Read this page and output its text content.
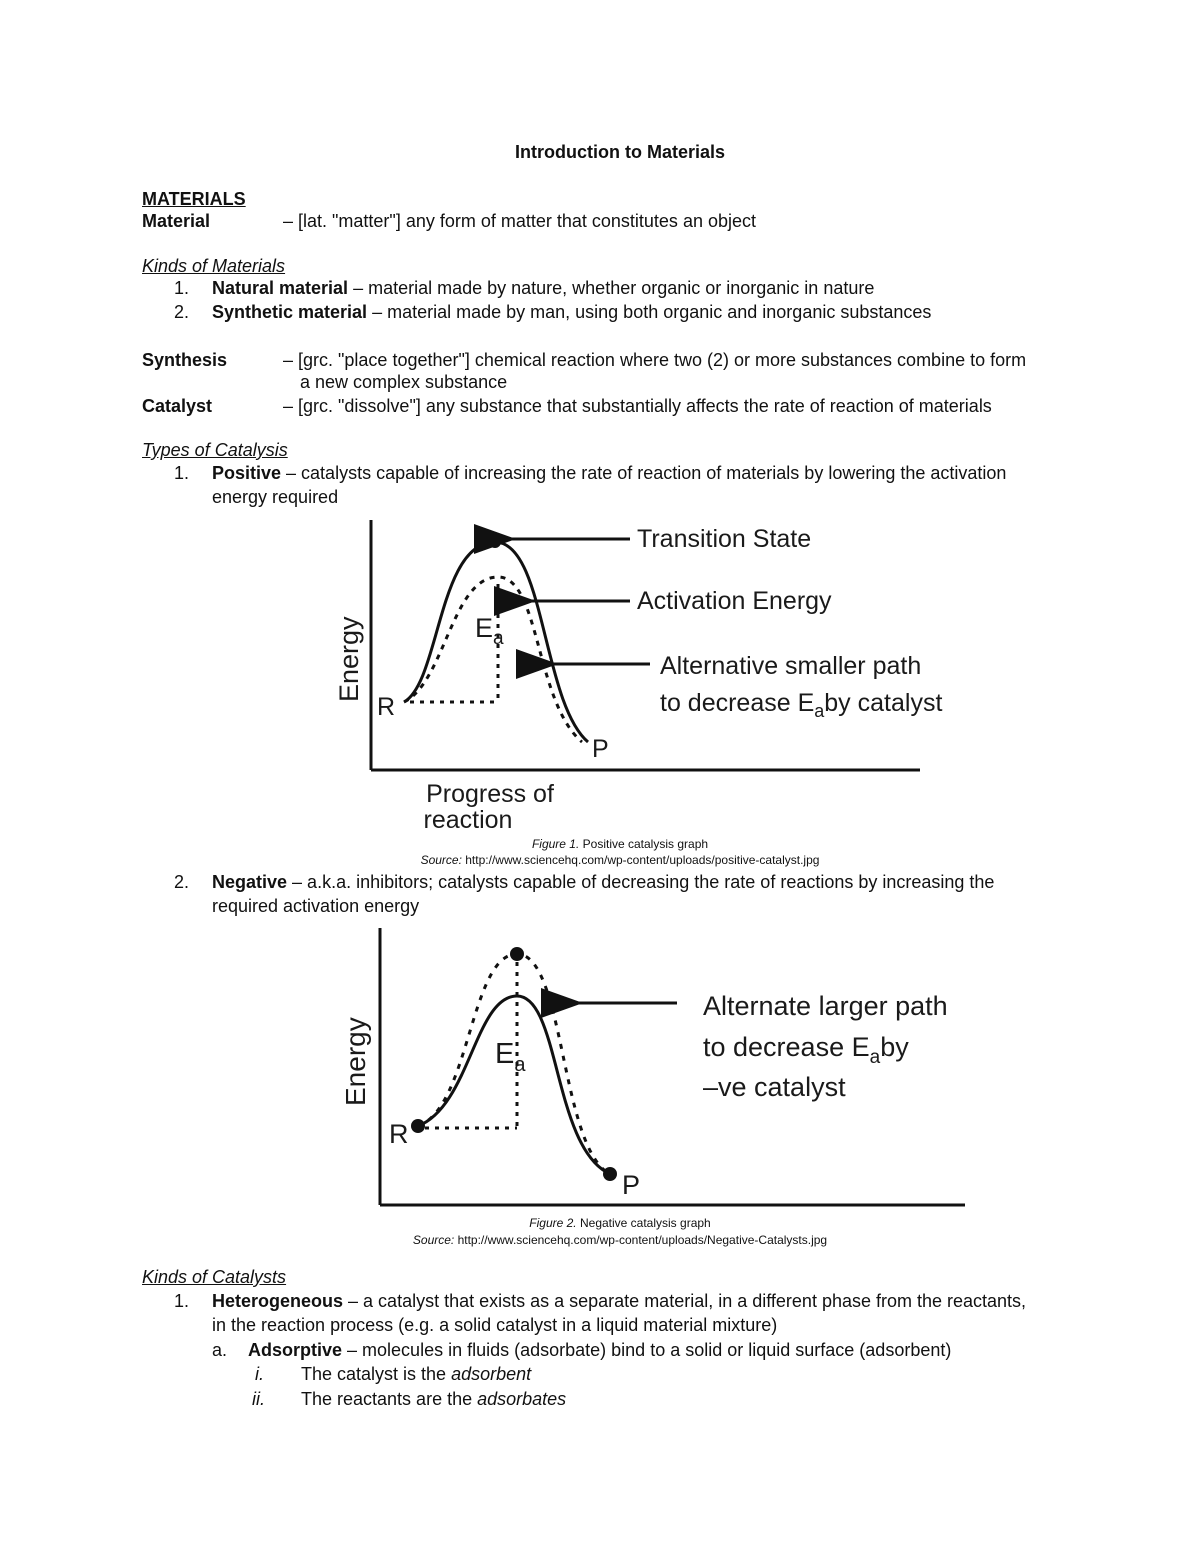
Introduction to Materials
MATERIALS
Material	– [lat. "matter"] any form of matter that constitutes an object
Kinds of Materials
1. Natural material – material made by nature, whether organic or inorganic in nature
2. Synthetic material – material made by man, using both organic and inorganic substances
Synthesis	– [grc. "place together"] chemical reaction where two (2) or more substances combine to form
a new complex substance
Catalyst	– [grc. "dissolve"] any substance that substantially affects the rate of reaction of materials
Types of Catalysis
1. Positive – catalysts capable of increasing the rate of reaction of materials by lowering the activation
energy required
Transition State
Activation Energy
Alternative smaller path
to decrease $E_aby$ catalyst
$E_a$
R
P
Energy
Progress of
reaction
Figure 1. Positive catalysis graph
Source: http://www.sciencehq.com/wp-content/uploads/positive-catalyst.jpg
2. Negative – a.k.a. inhibitors; catalysts capable of decreasing the rate of reactions by increasing the
required activation energy
Alternate larger path
to decrease $E_aby$
–ve catalyst
$E_a$
R
P
Energy
Figure 2. Negative catalysis graph
Source: http://www.sciencehq.com/wp-content/uploads/Negative-Catalysts.jpg
Kinds of Catalysts
1. Heterogeneous – a catalyst that exists as a separate material, in a different phase from the reactants,
in the reaction process (e.g. a solid catalyst in a liquid material mixture)
a. Adsorptive – molecules in fluids (adsorbate) bind to a solid or liquid surface (adsorbent)
i. The catalyst is the adsorbent
ii. The reactants are the adsorbates
